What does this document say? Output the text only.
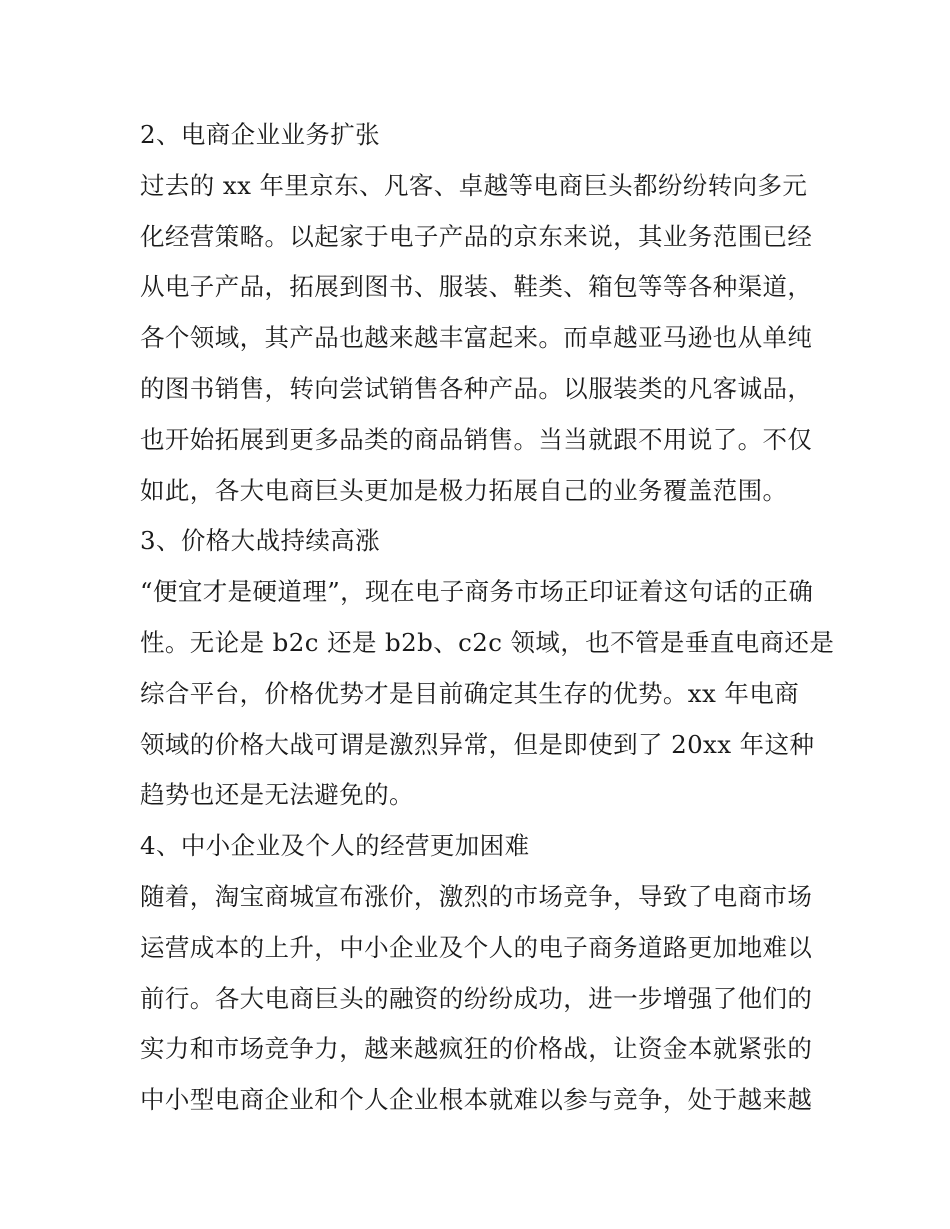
2、电商企业业务扩张

过去的 xx 年里京东、凡客、卓越等电商巨头都纷纷转向多元

化经营策略。以起家于电子产品的京东来说，其业务范围已经

从电子产品，拓展到图书、服装、鞋类、箱包等等各种渠道，

各个领域，其产品也越来越丰富起来。而卓越亚马逊也从单纯

的图书销售，转向尝试销售各种产品。以服装类的凡客诚品，

也开始拓展到更多品类的商品销售。当当就跟不用说了。不仅

如此，各大电商巨头更加是极力拓展自己的业务覆盖范围。

3、价格大战持续高涨

“便宜才是硬道理”，现在电子商务市场正印证着这句话的正确

性。无论是 b2c 还是 b2b、c2c 领域，也不管是垂直电商还是

综合平台，价格优势才是目前确定其生存的优势。xx 年电商

领域的价格大战可谓是激烈异常，但是即使到了 20xx 年这种

趋势也还是无法避免的。

4、中小企业及个人的经营更加困难

随着，淘宝商城宣布涨价，激烈的市场竞争，导致了电商市场

运营成本的上升，中小企业及个人的电子商务道路更加地难以

前行。各大电商巨头的融资的纷纷成功，进一步增强了他们的

实力和市场竞争力，越来越疯狂的价格战，让资金本就紧张的

中小型电商企业和个人企业根本就难以参与竞争，处于越来越
